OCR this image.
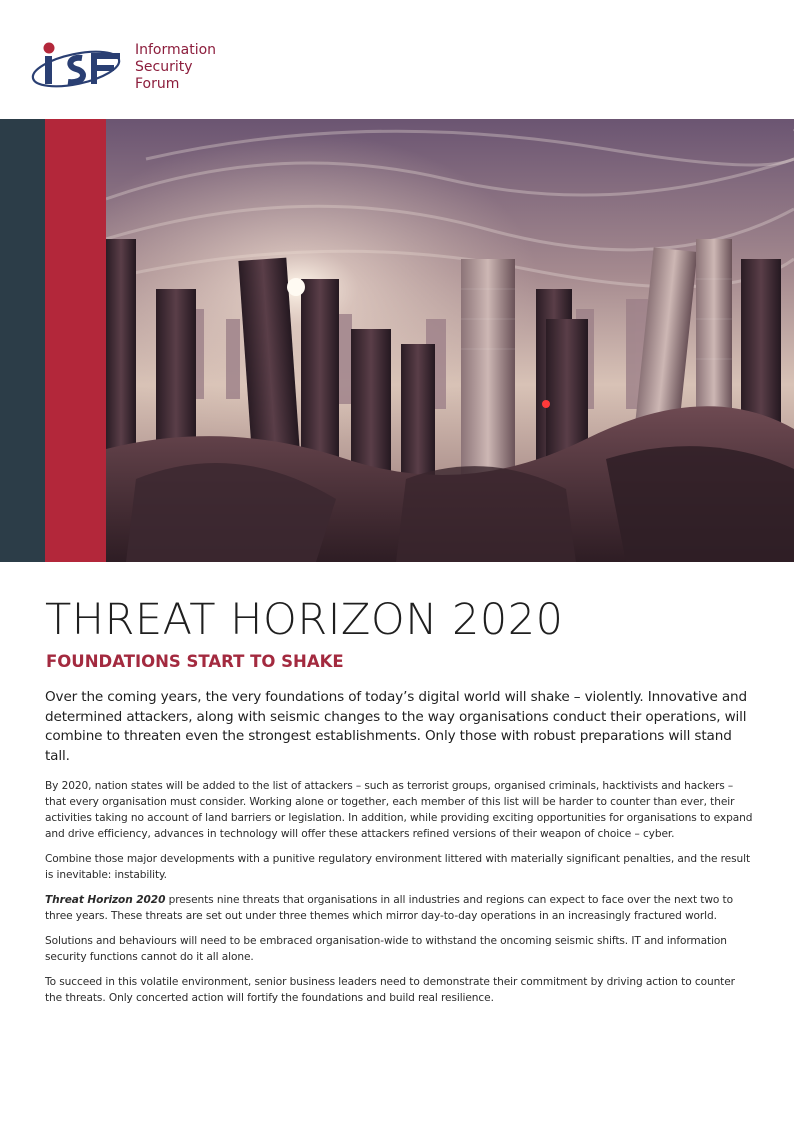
Information
Security
Forum
THREAT HORIZON 2020
FOUNDATIONS START TO SHAKE

Over the coming years, the very foundations of today’s digital world will shake – violently. Innovative and determined attackers, along with seismic changes to the way organisations conduct their operations, will combine to threaten even the strongest establishments. Only those with robust preparations will stand tall.

By 2020, nation states will be added to the list of attackers – such as terrorist groups, organised criminals, hacktivists and hackers – that every organisation must consider. Working alone or together, each member of this list will be harder to counter than ever, their activities taking no account of land barriers or legislation. In addition, while providing exciting opportunities for organisations to expand and drive efficiency, advances in technology will offer these attackers refined versions of their weapon of choice – cyber.

Combine those major developments with a punitive regulatory environment littered with materially significant penalties, and the result is inevitable: instability.

Threat Horizon 2020 presents nine threats that organisations in all industries and regions can expect to face over the next two to three years. These threats are set out under three themes which mirror day-to-day operations in an increasingly fractured world.

Solutions and behaviours will need to be embraced organisation-wide to withstand the oncoming seismic shifts. IT and information security functions cannot do it all alone.

To succeed in this volatile environment, senior business leaders need to demonstrate their commitment by driving action to counter the threats. Only concerted action will fortify the foundations and build real resilience.
